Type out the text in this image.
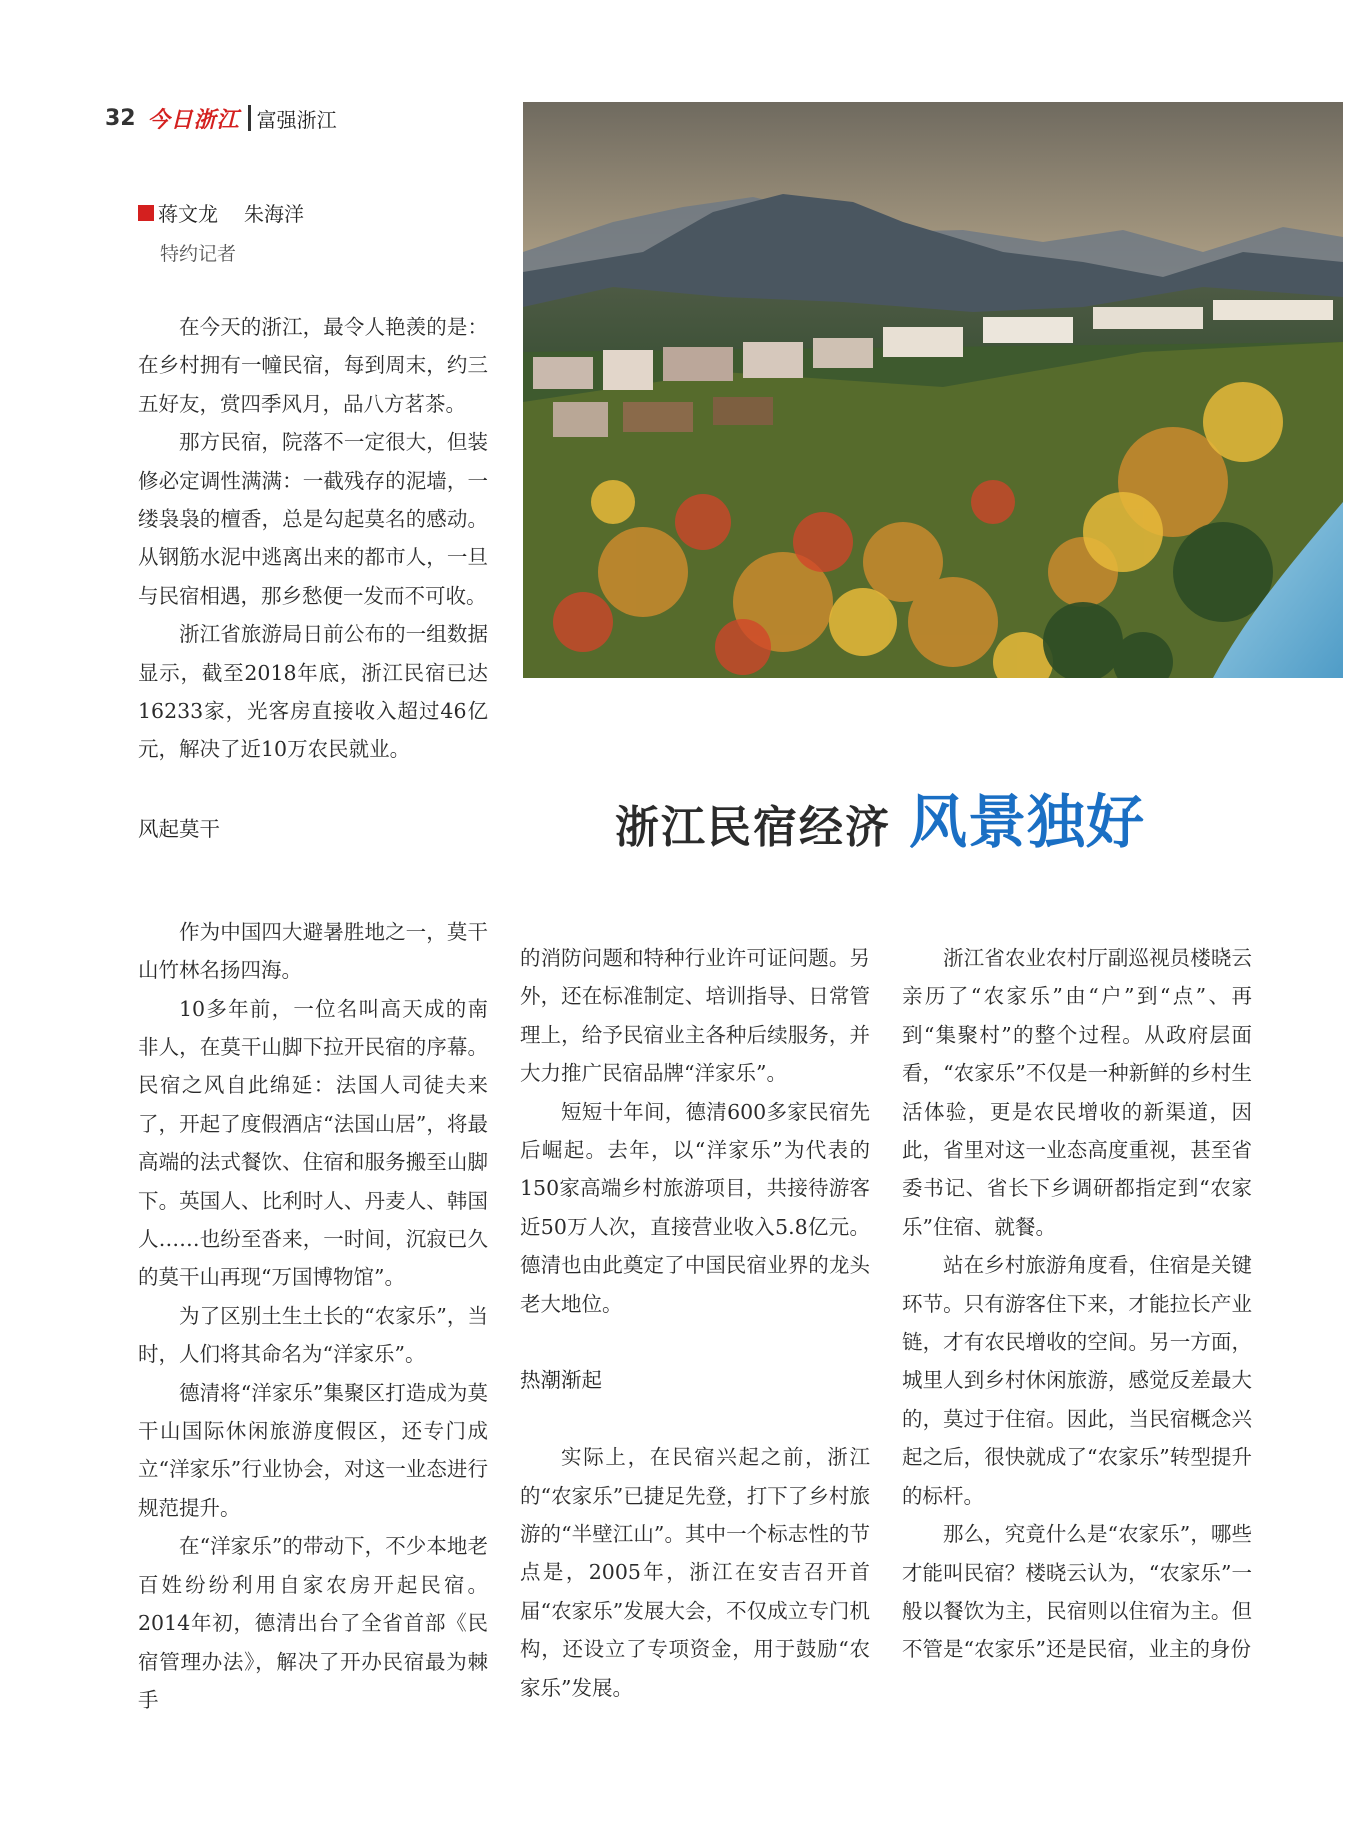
32 今日浙江 富强浙江
蒋文龙 朱海洋
特约记者

在今天的浙江，最令人艳羡的是：在乡村拥有一幢民宿，每到周末，约三五好友，赏四季风月，品八方茗茶。

那方民宿，院落不一定很大，但装修必定调性满满：一截残存的泥墙，一缕袅袅的檀香，总是勾起莫名的感动。从钢筋水泥中逃离出来的都市人，一旦与民宿相遇，那乡愁便一发而不可收。

浙江省旅游局日前公布的一组数据显示，截至2018年底，浙江民宿已达16233家，光客房直接收入超过46亿元，解决了近10万农民就业。

风起莫干

作为中国四大避暑胜地之一，莫干山竹林名扬四海。

10多年前，一位名叫高天成的南非人，在莫干山脚下拉开民宿的序幕。民宿之风自此绵延：法国人司徒夫来了，开起了度假酒店“法国山居”，将最高端的法式餐饮、住宿和服务搬至山脚下。英国人、比利时人、丹麦人、韩国人……也纷至沓来，一时间，沉寂已久的莫干山再现“万国博物馆”。

为了区别土生土长的“农家乐”，当时，人们将其命名为“洋家乐”。

德清将“洋家乐”集聚区打造成为莫干山国际休闲旅游度假区，还专门成立“洋家乐”行业协会，对这一业态进行规范提升。

在“洋家乐”的带动下，不少本地老百姓纷纷利用自家农房开起民宿。2014年初，德清出台了全省首部《民宿管理办法》，解决了开办民宿最为棘手

浙江民宿经济 风景独好

的消防问题和特种行业许可证问题。另外，还在标准制定、培训指导、日常管理上，给予民宿业主各种后续服务，并大力推广民宿品牌“洋家乐”。

短短十年间，德清600多家民宿先后崛起。去年，以“洋家乐”为代表的150家高端乡村旅游项目，共接待游客近50万人次，直接营业收入5.8亿元。德清也由此奠定了中国民宿业界的龙头老大地位。

热潮渐起

实际上，在民宿兴起之前，浙江的“农家乐”已捷足先登，打下了乡村旅游的“半壁江山”。其中一个标志性的节点是，2005年，浙江在安吉召开首届“农家乐”发展大会，不仅成立专门机构，还设立了专项资金，用于鼓励“农家乐”发展。

浙江省农业农村厅副巡视员楼晓云亲历了“农家乐”由“户”到“点”、再到“集聚村”的整个过程。从政府层面看，“农家乐”不仅是一种新鲜的乡村生活体验，更是农民增收的新渠道，因此，省里对这一业态高度重视，甚至省委书记、省长下乡调研都指定到“农家乐”住宿、就餐。

站在乡村旅游角度看，住宿是关键环节。只有游客住下来，才能拉长产业链，才有农民增收的空间。另一方面，城里人到乡村休闲旅游，感觉反差最大的，莫过于住宿。因此，当民宿概念兴起之后，很快就成了“农家乐”转型提升的标杆。

那么，究竟什么是“农家乐”，哪些才能叫民宿？楼晓云认为，“农家乐”一般以餐饮为主，民宿则以住宿为主。但不管是“农家乐”还是民宿，业主的身份
